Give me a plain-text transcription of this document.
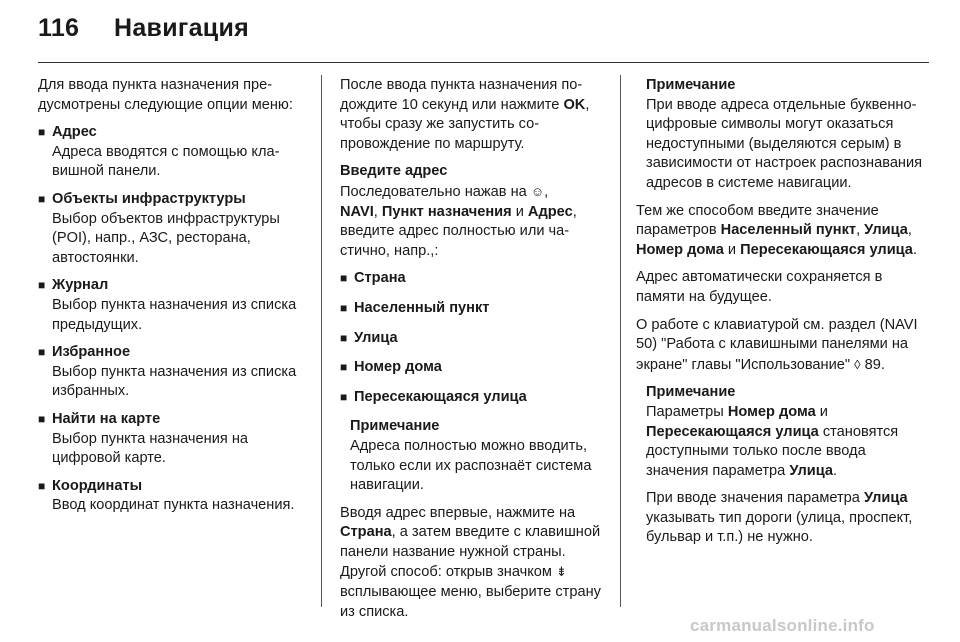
116 Навигация

Для ввода пункта назначения предусмотрены следующие опции меню:

■ Адрес
Адреса вводятся с помощью клавишной панели.
■ Объекты инфраструктуры
Выбор объектов инфраструктуры (POI), напр., АЗС, ресторана, автостоянки.
■ Журнал
Выбор пункта назначения из списка предыдущих.
■ Избранное
Выбор пункта назначения из списка избранных.
■ Найти на карте
Выбор пункта назначения на цифровой карте.
■ Координаты
Ввод координат пункта назначения.

После ввода пункта назначения подождите 10 секунд или нажмите OK, чтобы сразу же запустить сопровождение по маршруту.

Введите адрес

Последовательно нажав на ☺,
NAVI, Пункт назначения и Адрес, введите адрес полностью или частично, напр.,:

■ Страна
■ Населенный пункт
■ Улица
■ Номер дома
■ Пересекающаяся улица
Примечание
Адреса полностью можно вводить, только если их распознаёт система навигации.

Вводя адрес впервые, нажмите на Страна, а затем введите с клавишной панели название нужной страны. Другой способ: открыв значком ⇟ всплывающее меню, выберите страну из списка.

Примечание
При вводе адреса отдельные буквенно-цифровые символы могут оказаться недоступными (выделяются серым) в зависимости от настроек распознавания адресов в системе навигации.

Тем же способом введите значение параметров Населенный пункт, Улица, Номер дома и Пересекающаяся улица.

Адрес автоматически сохраняется в памяти на будущее.

О работе с клавиатурой см. раздел (NAVI 50) "Работа с клавишными панелями на экране" главы "Использование" ◊ 89.

Примечание
Параметры Номер дома и Пересекающаяся улица становятся доступными только после ввода значения параметра Улица.
При вводе значения параметра Улица указывать тип дороги (улица, проспект, бульвар и т.п.) не нужно.
carmanualsonline.info
